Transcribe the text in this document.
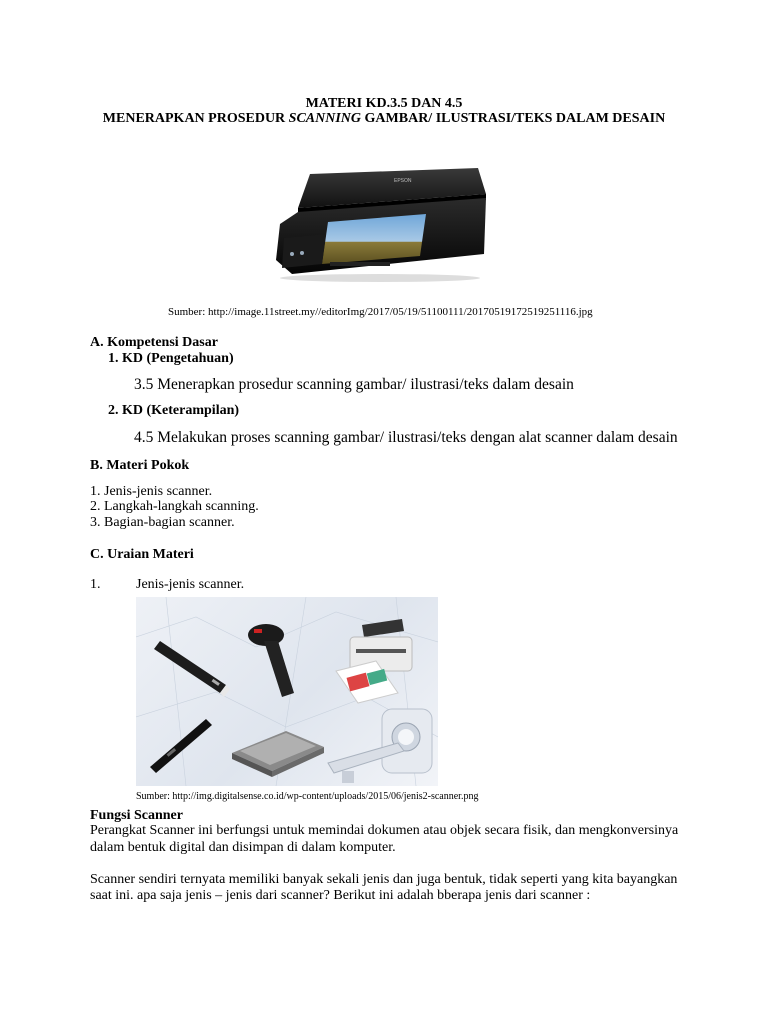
MATERI KD.3.5 DAN 4.5
MENERAPKAN PROSEDUR SCANNING GAMBAR/ ILUSTRASI/TEKS DALAM DESAIN
EPSON
Sumber: http://image.11street.my//editorImg/2017/05/19/51100111/20170519172519251116.jpg
A. Kompetensi Dasar
1. KD (Pengetahuan)
3.5 Menerapkan prosedur scanning gambar/ ilustrasi/teks dalam desain
2. KD (Keterampilan)
4.5 Melakukan proses scanning gambar/ ilustrasi/teks dengan alat scanner dalam desain
B. Materi Pokok
1. Jenis-jenis scanner.
2. Langkah-langkah scanning.
3. Bagian-bagian scanner.
C. Uraian Materi
1.	Jenis-jenis scanner.
Sumber: http://img.digitalsense.co.id/wp-content/uploads/2015/06/jenis2-scanner.png
Fungsi Scanner
Perangkat Scanner ini berfungsi untuk memindai dokumen atau objek secara fisik, dan mengkonversinya
dalam bentuk digital dan disimpan di dalam komputer.
Scanner sendiri ternyata memiliki banyak sekali jenis dan juga bentuk, tidak seperti yang kita bayangkan
saat ini. apa saja jenis – jenis dari scanner? Berikut ini adalah bberapa jenis dari scanner :
